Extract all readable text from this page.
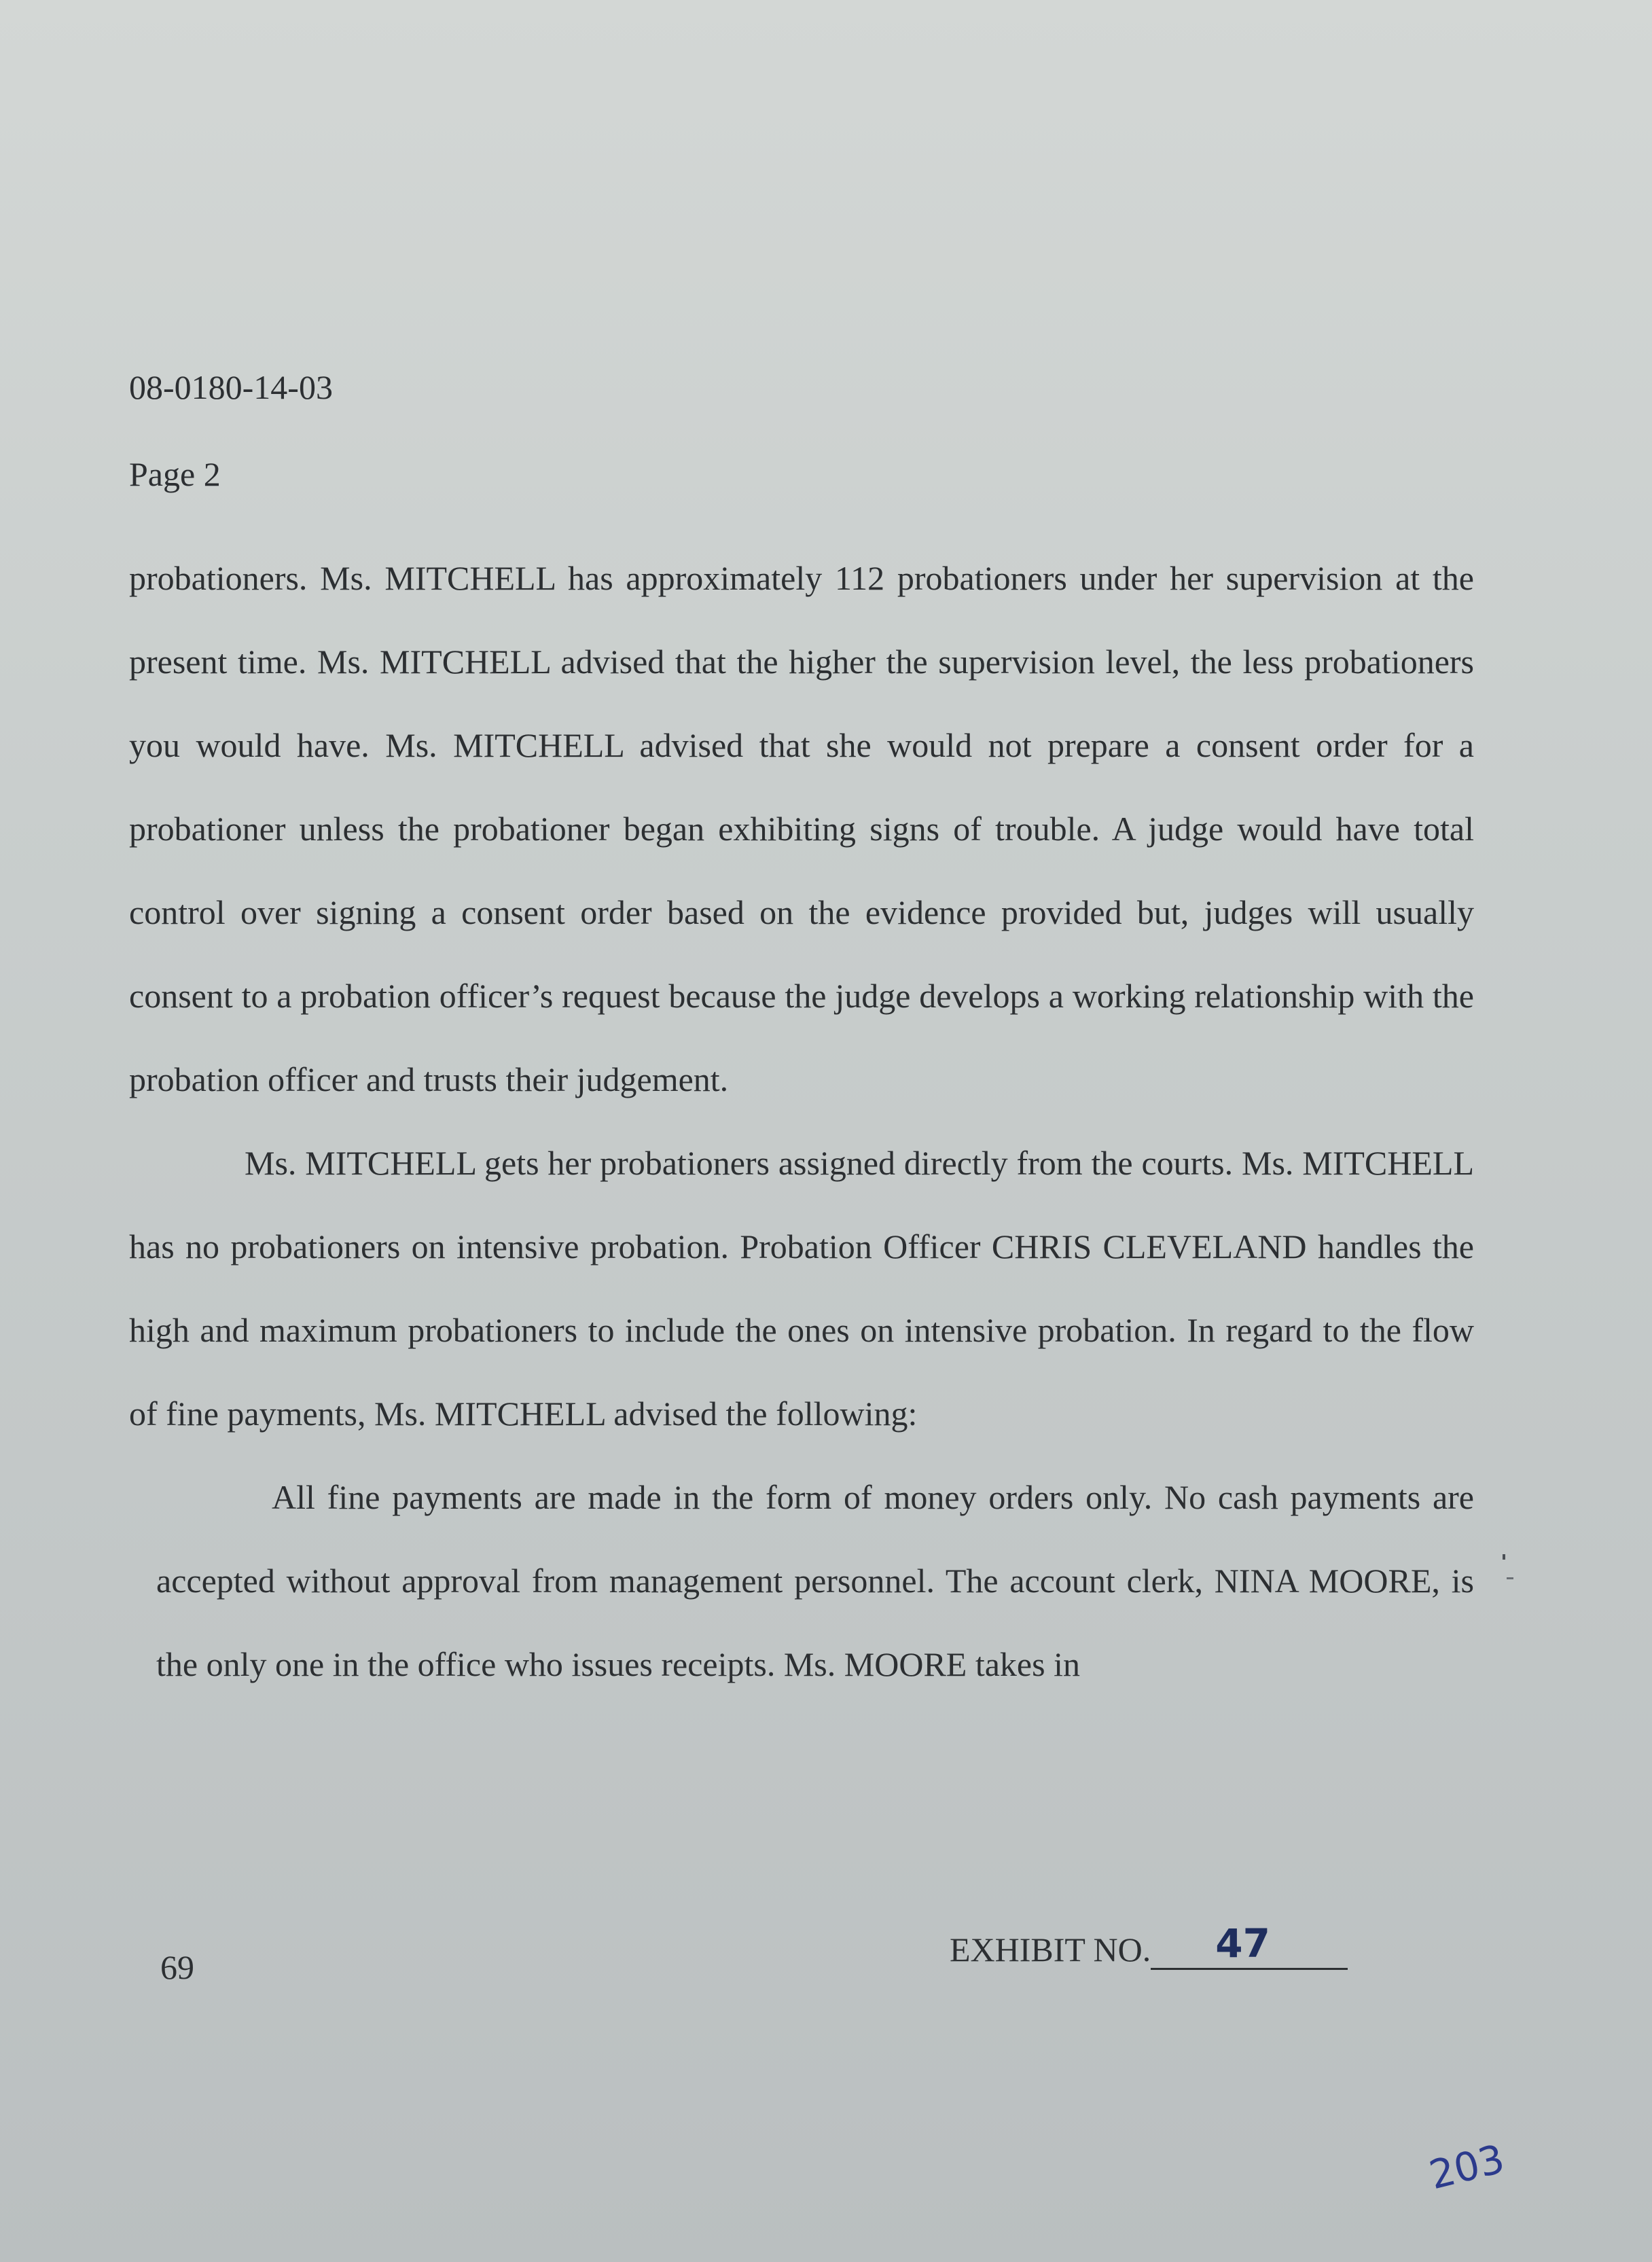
08-0180-14-03
Page 2

probationers. Ms. MITCHELL has approximately 112 probationers under her supervision at the present time. Ms. MITCHELL advised that the higher the supervision level, the less probationers you would have. Ms. MITCHELL advised that she would not prepare a consent order for a probationer unless the probationer began exhibiting signs of trouble. A judge would have total control over signing a consent order based on the evidence provided but, judges will usually consent to a probation officer’s request because the judge develops a working relationship with the probation officer and trusts their judgement.

Ms. MITCHELL gets her probationers assigned directly from the courts. Ms. MITCHELL has no probationers on intensive probation. Probation Officer CHRIS CLEVELAND handles the high and maximum probationers to include the ones on intensive probation. In regard to the flow of fine payments, Ms. MITCHELL advised the following:

All fine payments are made in the form of money orders only. No cash payments are accepted without approval from management personnel. The account clerk, NINA MOORE, is the only one in the office who issues receipts. Ms. MOORE takes in

69	EXHIBIT NO. 47
203
